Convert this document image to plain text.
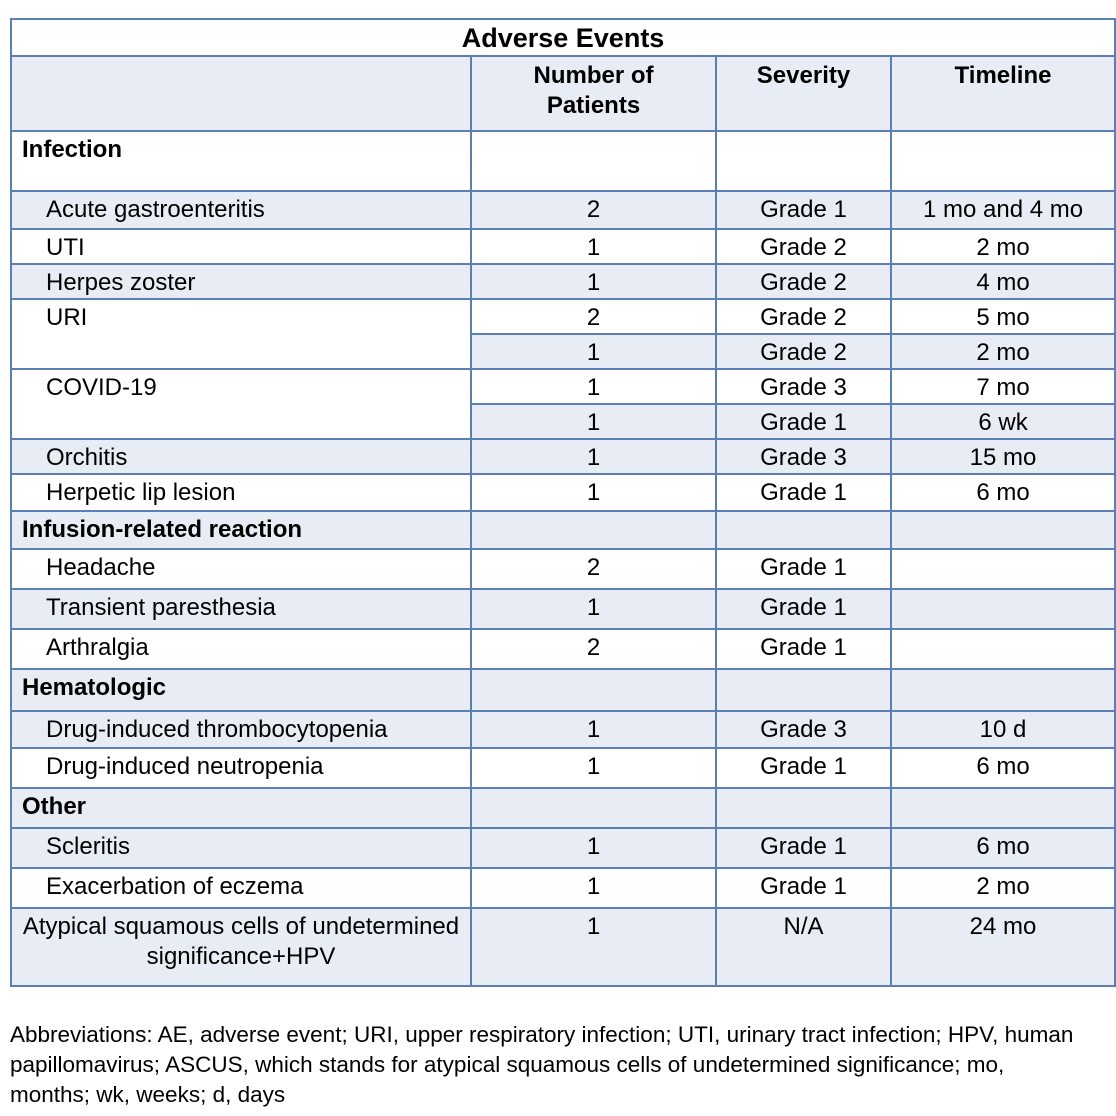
Adverse Events			
	Number of Patients	Severity	Timeline
Infection			
Acute gastroenteritis	2	Grade 1	1 mo and 4 mo
UTI	1	Grade 2	2 mo
Herpes zoster	1	Grade 2	4 mo
URI	2	Grade 2	5 mo
	1	Grade 2	2 mo
COVID-19	1	Grade 3	7 mo
	1	Grade 1	6 wk
Orchitis	1	Grade 3	15 mo
Herpetic lip lesion	1	Grade 1	6 mo
Infusion-related reaction			
Headache	2	Grade 1	
Transient paresthesia	1	Grade 1	
Arthralgia	2	Grade 1	
Hematologic			
Drug-induced thrombocytopenia	1	Grade 3	10 d
Drug-induced neutropenia	1	Grade 1	6 mo
Other			
Scleritis	1	Grade 1	6 mo
Exacerbation of eczema	1	Grade 1	2 mo
Atypical squamous cells of undetermined significance+HPV	1	N/A	24 mo
Abbreviations: AE, adverse event; URI, upper respiratory infection; UTI, urinary tract infection; HPV, human papillomavirus; ASCUS, which stands for atypical squamous cells of undetermined significance; mo, months; wk, weeks; d, days
